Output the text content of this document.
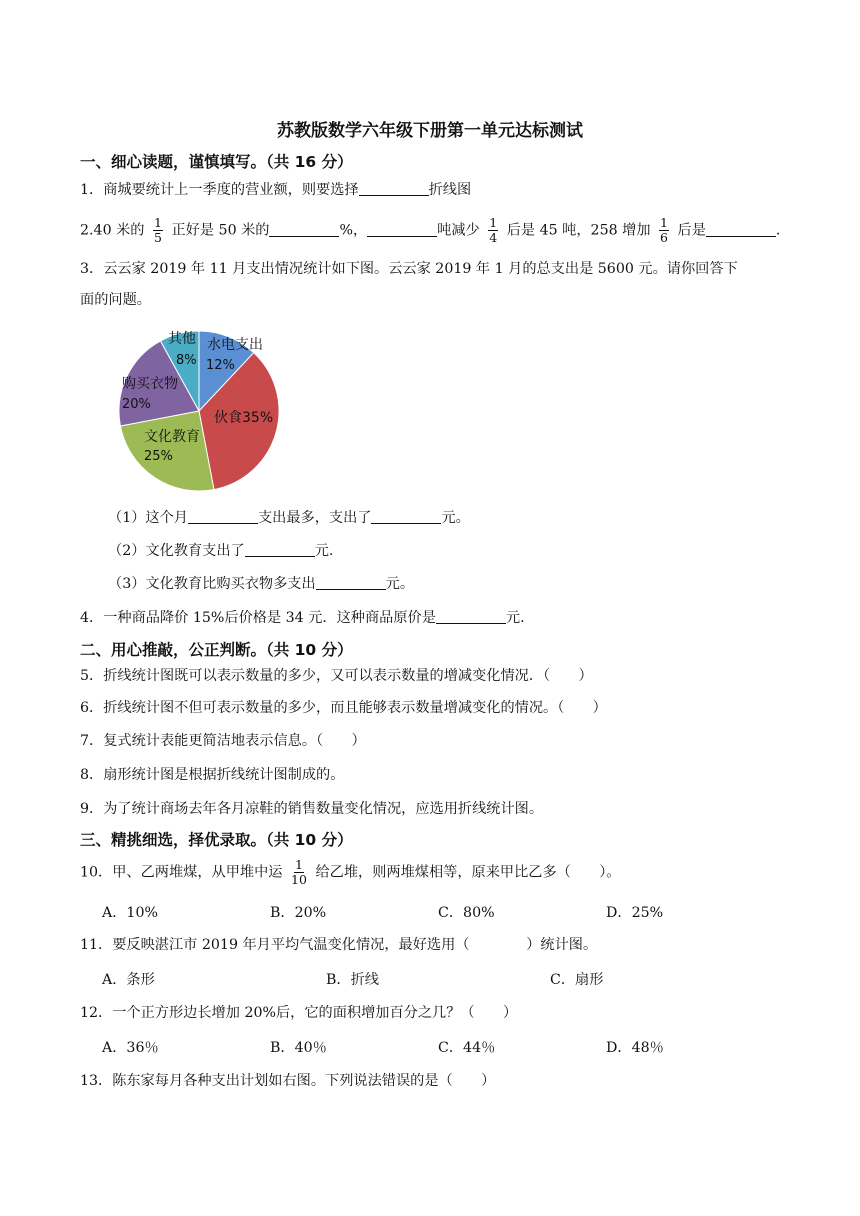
苏教版数学六年级下册第一单元达标测试
一、细心读题，谨慎填写。（共 16 分）
1．商城要统计上一季度的营业额，则要选择	折线图
2.40 米的 $\frac{1}{5}$ 正好是 50 米的	%，	吨减少 $\frac{1}{4}$ 后是 45 吨，258 增加 $\frac{1}{6}$ 后是	.
3．云云家 2019 年 11 月支出情况统计如下图。云云家 2019 年 1 月的总支出是 5600 元。请你回答下
面的问题。
水电支出
12%
伙食35%
文化教育
25%
购买衣物
20%
其他
8%
（1）这个月	支出最多，支出了	元。
（2）文化教育支出了	元.
（3）文化教育比购买衣物多支出	元。
4．一种商品降价 15%后价格是 34 元．这种商品原价是	元.
二、用心推敲，公正判断。（共 10 分）
5．折线统计图既可以表示数量的多少，又可以表示数量的增减变化情况．（　　）
6．折线统计图不但可表示数量的多少，而且能够表示数量增减变化的情况。（　　）
7．复式统计表能更简洁地表示信息。（　　）
8．扇形统计图是根据折线统计图制成的。
9．为了统计商场去年各月凉鞋的销售数量变化情况，应选用折线统计图。
三、精挑细选，择优录取。（共 10 分）
10．甲、乙两堆煤，从甲堆中运 $\frac{1}{10}$ 给乙堆，则两堆煤相等，原来甲比乙多（　　）。
A．10%	B．20%	C．80%	D．25%
11．要反映湛江市 2019 年月平均气温变化情况，最好选用（　　　　）统计图。
A．条形	B．折线	C．扇形
12．一个正方形边长增加 20%后，它的面积增加百分之几？（　　）
A．36％	B．40％	C．44％	D．48％
13．陈东家每月各种支出计划如右图。下列说法错误的是（　　）
